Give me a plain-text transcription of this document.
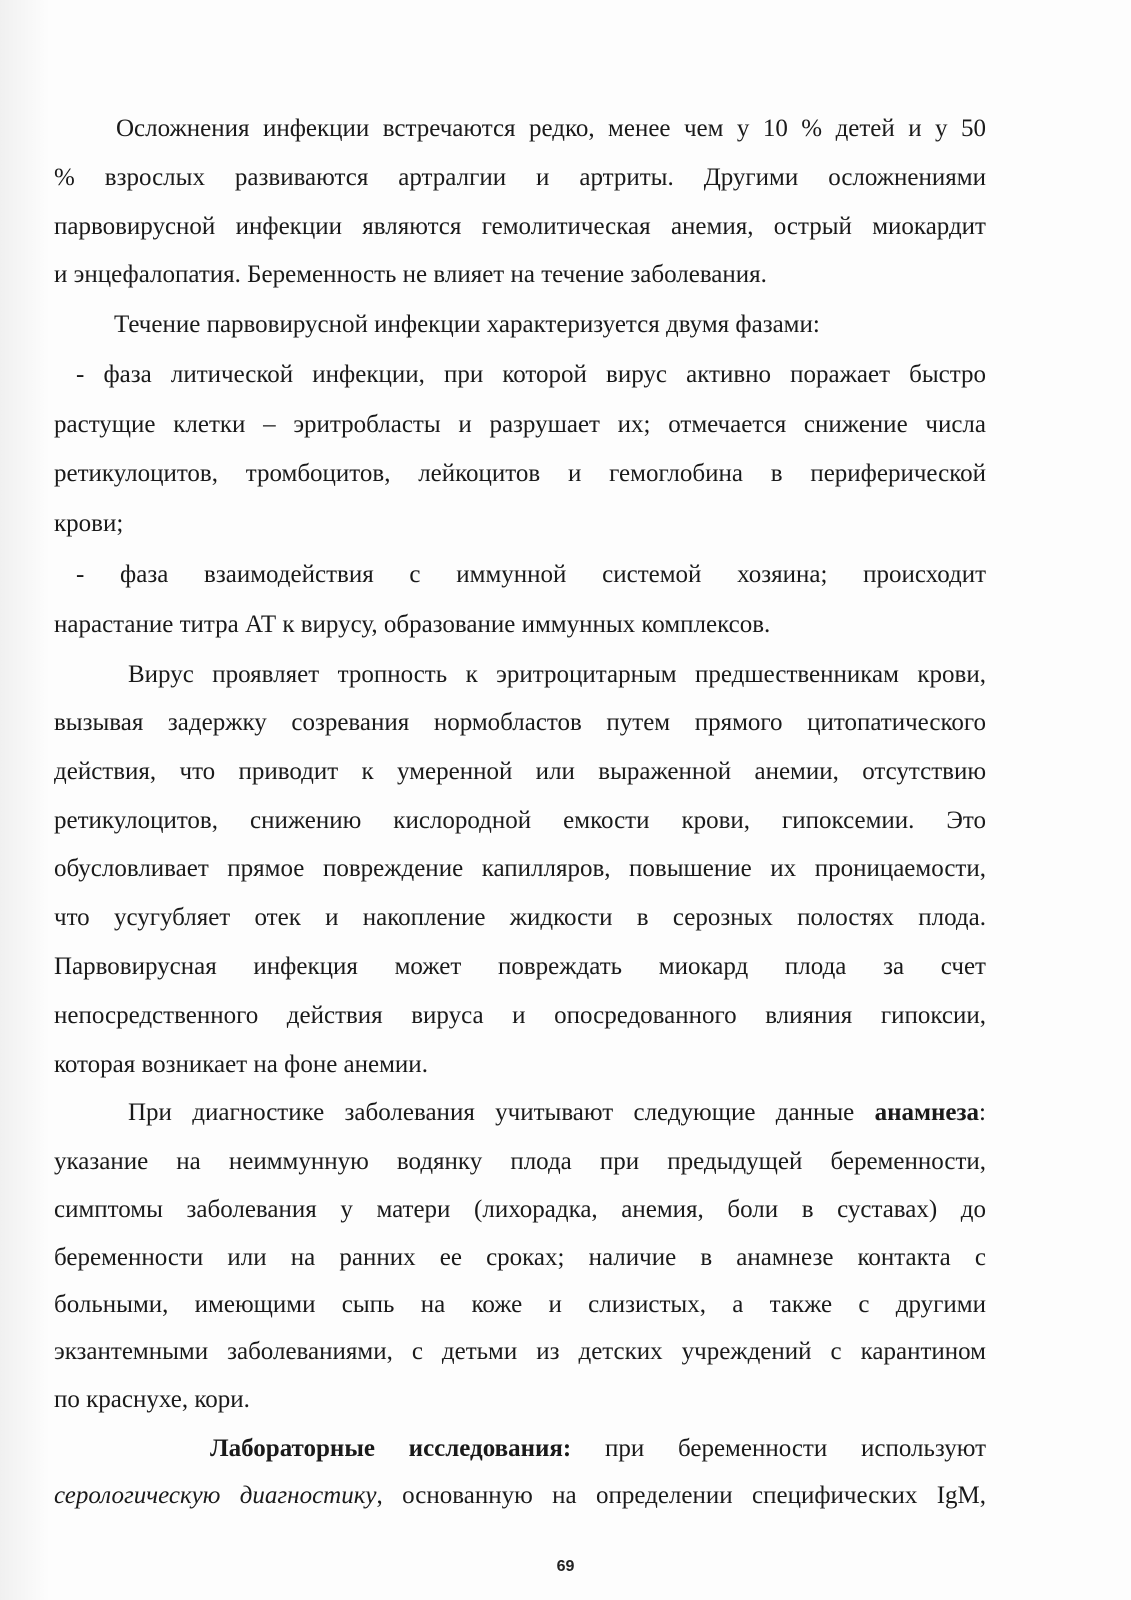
Осложнения инфекции встречаются редко, менее чем у 10 % детей и у 50
% взрослых развиваются артралгии и артриты. Другими осложнениями
парвовирусной инфекции являются гемолитическая анемия, острый миокардит
и энцефалопатия. Беременность не влияет на течение заболевания.
Течение парвовирусной инфекции характеризуется двумя фазами:
- фаза литической инфекции, при которой вирус активно поражает быстро
растущие клетки – эритробласты и разрушает их; отмечается снижение числа
ретикулоцитов, тромбоцитов, лейкоцитов и гемоглобина в периферической
крови;
- фаза взаимодействия с иммунной системой хозяина; происходит
нарастание титра АТ к вирусу, образование иммунных комплексов.
Вирус проявляет тропность к эритроцитарным предшественникам крови,
вызывая задержку созревания нормобластов путем прямого цитопатического
действия, что приводит к умеренной или выраженной анемии, отсутствию
ретикулоцитов, снижению кислородной емкости крови, гипоксемии. Это
обусловливает прямое повреждение капилляров, повышение их проницаемости,
что усугубляет отек и накопление жидкости в серозных полостях плода.
Парвовирусная инфекция может повреждать миокард плода за счет
непосредственного действия вируса и опосредованного влияния гипоксии,
которая возникает на фоне анемии.
При диагностике заболевания учитывают следующие данные анамнеза:
указание на неиммунную водянку плода при предыдущей беременности,
симптомы заболевания у матери (лихорадка, анемия, боли в суставах) до
беременности или на ранних ее сроках; наличие в анамнезе контакта с
больными, имеющими сыпь на коже и слизистых, а также с другими
экзантемными заболеваниями, с детьми из детских учреждений с карантином
по краснухе, кори.
Лабораторные исследования: при беременности используют
серологическую диагностику, основанную на определении специфических IgM,
69
